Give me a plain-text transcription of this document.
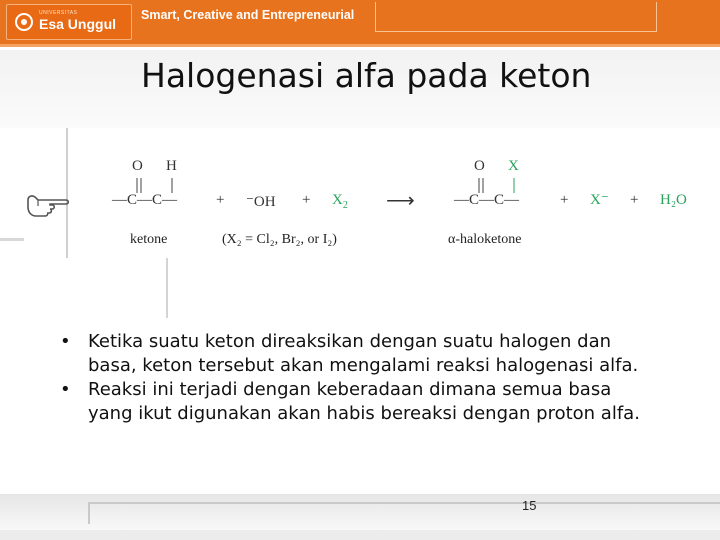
UNIVERSITAS
Esa Unggul
Smart, Creative and Entrepreneurial
Halogenasi alfa pada keton
O H
—C—C—
ketone
+ $^-OH + X_2$
(X₂ = Cl₂, Br₂, or I₂)
⟶
O X
—C—C—
α-haloketone
+ X⁻ + H₂O
• Ketika suatu keton direaksikan dengan suatu halogen dan basa, keton tersebut akan mengalami reaksi halogenasi alfa.
• Reaksi ini terjadi dengan keberadaan dimana semua basa yang ikut digunakan akan habis bereaksi dengan proton alfa.
15
